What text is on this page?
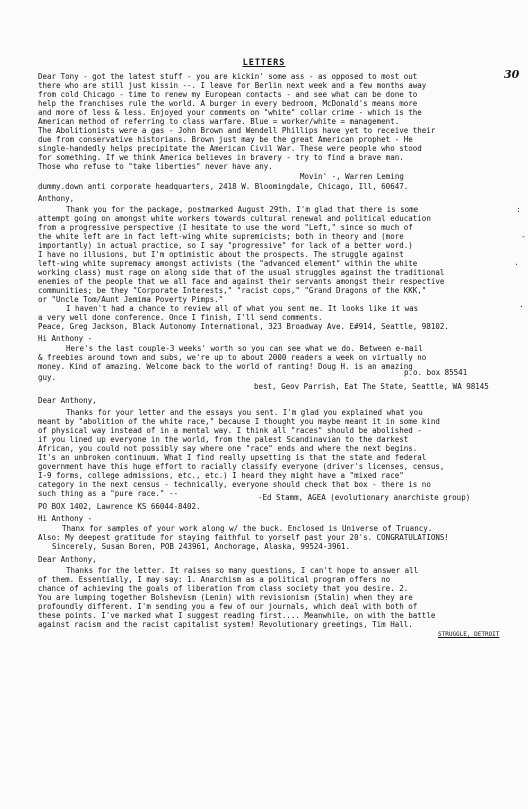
LETTERS
30
Dear Tony - got the latest stuff - you are kickin' some ass - as opposed to most out
there who are still just kissin --. I leave for Berlin next week and a few months away
from cold Chicago - time to renew my European contacts - and see what can be done to
help the franchises rule the world. A burger in every bedroom, McDonald's means more
and more of less & less. Enjoyed your comments on "white" collar crime - which is the
American method of referring to class warfare. Blue = worker/white = management.
The Abolitionists were a gas - John Brown and Wendell Phillips have yet to receive their
due from conservative historians. Brown just may be the great American prophet - He
single-handedly helps precipitate the American Civil War. These were people who stood
for something. If we think America believes in bravery - try to find a brave man.
Those who refuse to "take liberties" never have any.
Movin' -, Warren Leming
dummy.down anti corporate headquarters, 2418 W. Bloomingdale, Chicago, Ill, 60647.
Anthony,
Thank you for the package, postmarked August 29th. I'm glad that there is some
attempt going on amongst white workers towards cultural renewal and political education
from a progressive perspective (I hesitate to use the word "Left," since so much of
the white left are in fact left-wing white supremicists; both in theory and (more
importantly) in actual practice, so I say "progressive" for lack of a better word.)
I have no illusions, but I'm optimistic about the prospects. The struggle against
left-wing white supremacy amongst activists (the "advanced element" within the white
working class) must rage on along side that of the usual struggles against the traditional
enemies of the people that we all face and against their servants amongst their respective
communities; be they "Corporate Interests," "racist cops," "Grand Dragons of the KKK,"
or "Uncle Tom/Aunt Jemima Poverty Pimps."
I haven't had a chance to review all of what you sent me. It looks like it was
a very well done conference. Once I finish, I'll send comments.
Peace, Greg Jackson, Black Autonomy International, 323 Broadway Ave. E#914, Seattle, 98102.
Hi Anthony -
Here's the last couple-3 weeks' worth so you can see what we do. Between e-mail
& freebies around town and subs, we're up to about 2000 readers a week on virtually no
money. Kind of amazing. Welcome back to the world of ranting! Doug H. is an amazing
guy.
p.o. box 85541
best, Geov Parrish, Eat The State, Seattle, WA 98145
Dear Anthony,
Thanks for your letter and the essays you sent. I'm glad you explained what you
meant by "abolition of the white race," because I thought you maybe meant it in some kind
of physical way instead of in a mental way. I think all "races" should be abolished -
if you lined up everyone in the world, from the palest Scandinavian to the darkest
African, you could not possibly say where one "race" ends and where the next begins.
It's an unbroken continuum. What I find really upsetting is that the state and federal
government have this huge effort to racially classify everyone (driver's licenses, census,
I-9 forms, college admissions, etc., etc.) I heard they might have a "mixed race"
category in the next census - technically, everyone should check that box - there is no
such thing as a "pure race." --	-Ed Stamm, AGEA (evolutionary anarchiste group)
PO BOX 1402, Lawrence KS 66044-8402.
Hi Anthony -
Thanx for samples of your work along w/ the buck. Enclosed is Universe of Truancy.
Also: My deepest gratitude for staying faithful to yorself past your 20's. CONGRATULATIONS!
Sincerely, Susan Boren, POB 243961, Anchorage, Alaska, 99524-3961.
Dear Anthony,
Thanks for the letter. It raises so many questions, I can't hope to answer all
of them. Essentially, I may say: 1. Anarchism as a political program offers no
chance of achieving the goals of liberation from class society that you desire. 2.
You are lumping together Bolshevism (Lenin) with revisionism (Stalin) when they are
profoundly different. I'm sending you a few of our journals, which deal with both of
these points. I've marked what I suggest reading first.... Meanwhile, on with the battle
against racism and the racist capitalist system! Revolutionary greetings, Tim Hall.
STRUGGLE, DETROIT
:
-
.
.
